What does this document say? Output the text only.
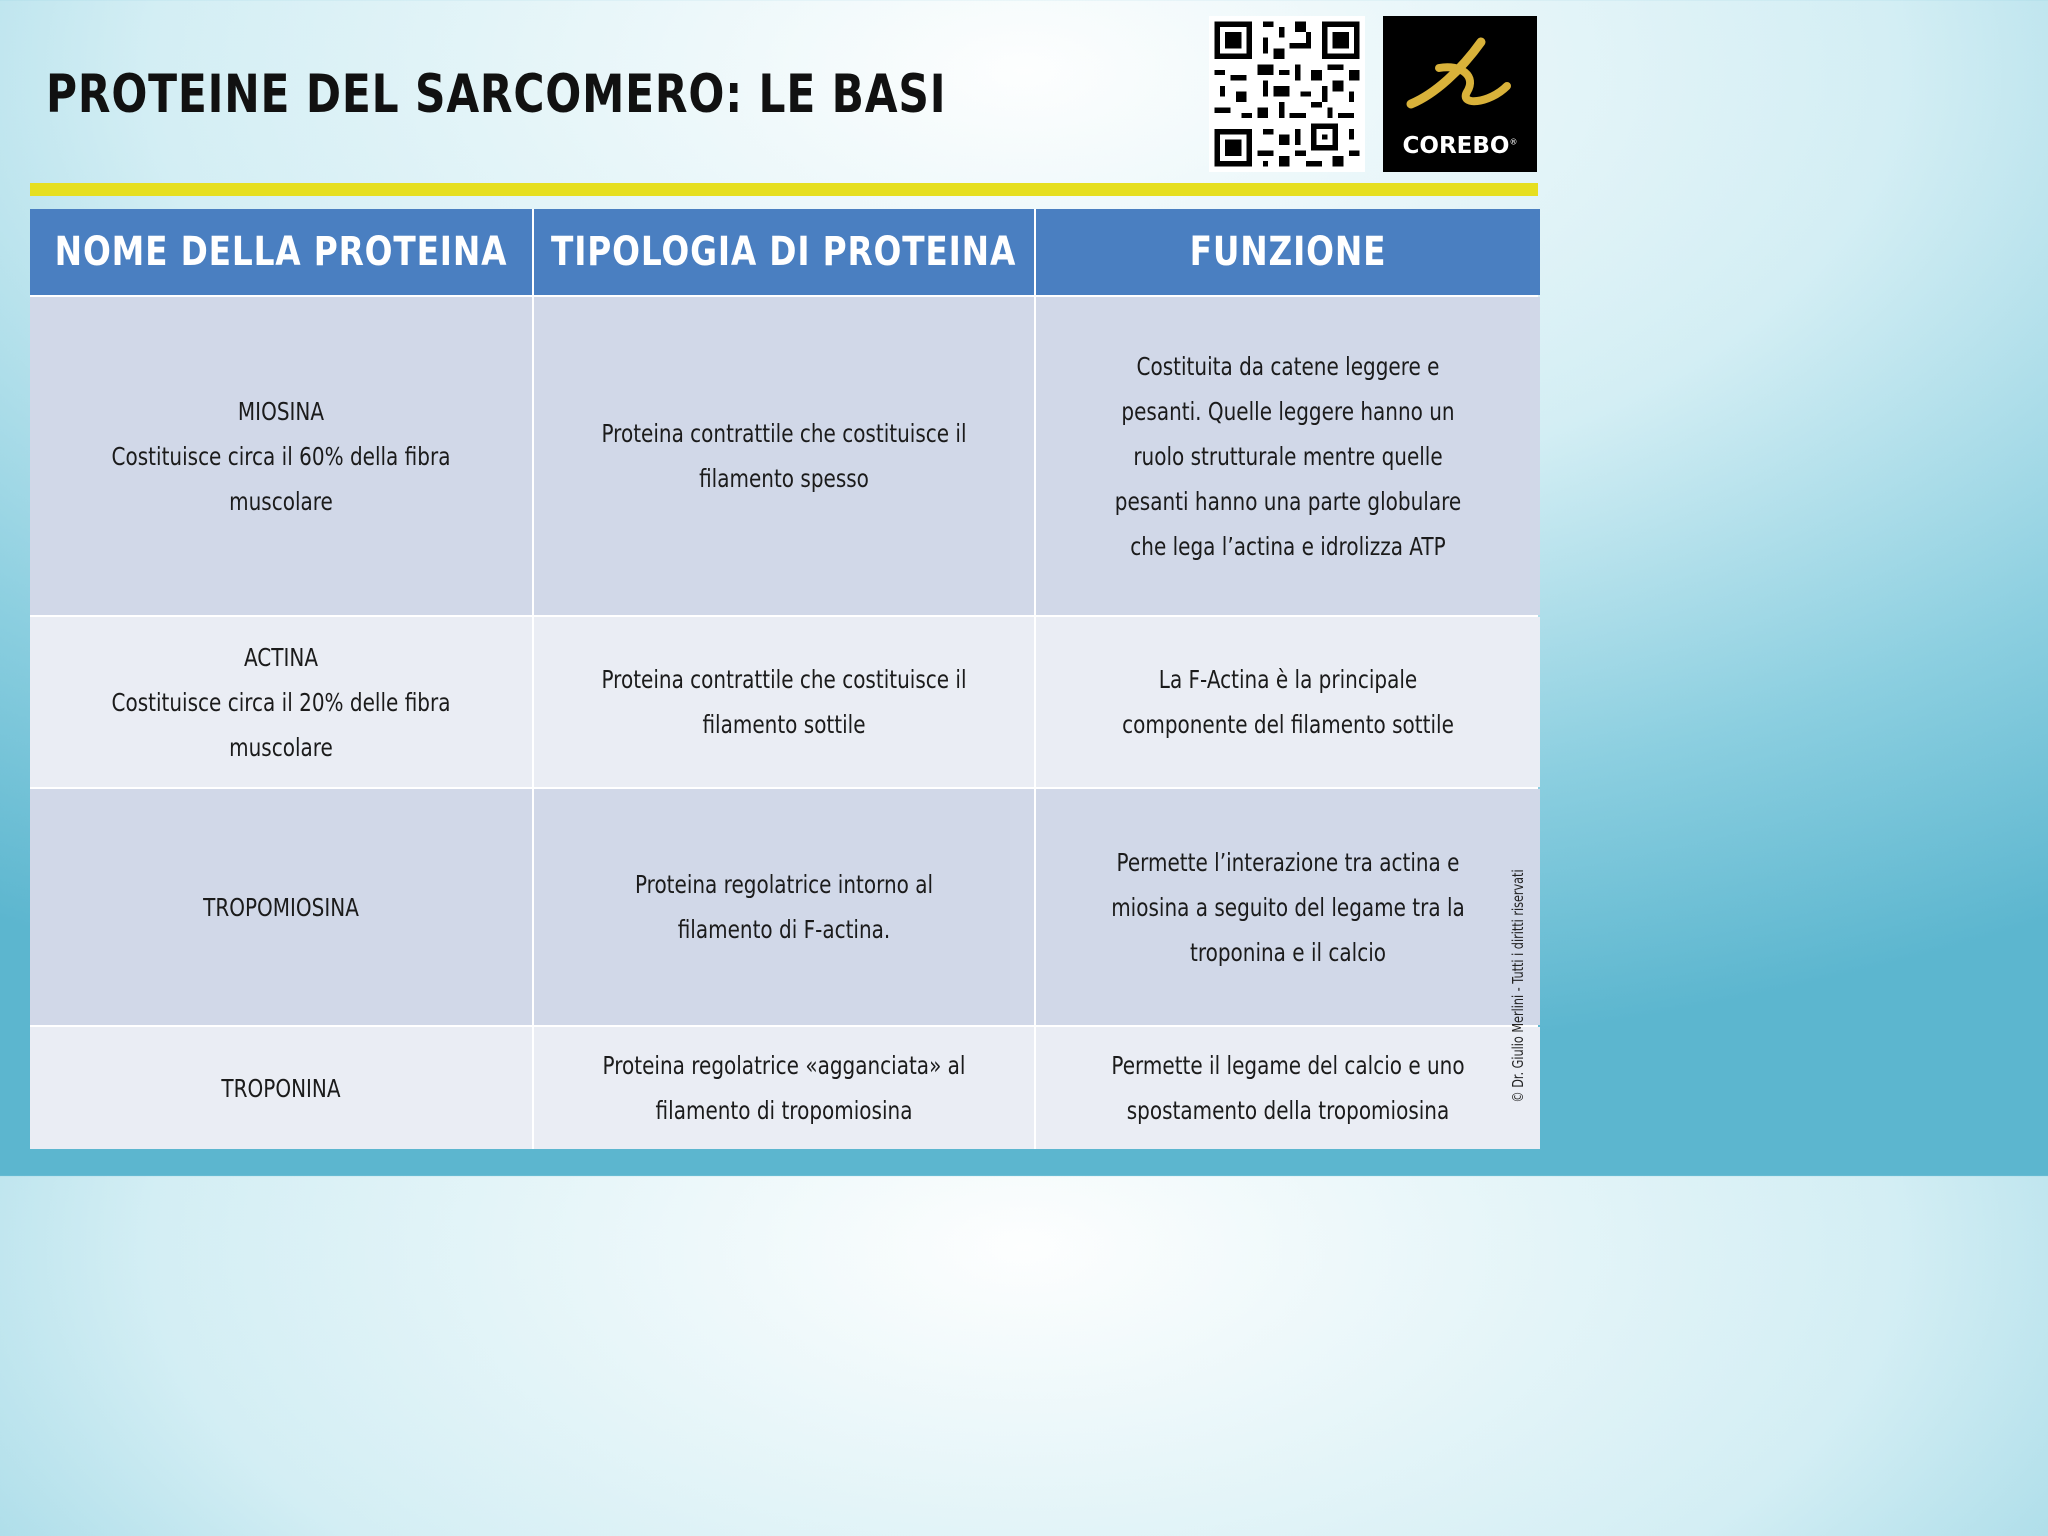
PROTEINE DEL SARCOMERO: LE BASI
COREBO®
NOME DELLA PROTEINA TIPOLOGIA DI PROTEINA	FUNZIONE
MIOSINA
Costituisce circa il 60% della fibra muscolare
Proteina contrattile che costituisce il filamento spesso
Costituita da catene leggere e pesanti. Quelle leggere hanno un ruolo strutturale mentre quelle pesanti hanno una parte globulare che lega l’actina e idrolizza ATP
ACTINA
Costituisce circa il 20% delle fibra muscolare
Proteina contrattile che costituisce il filamento sottile
La F-Actina è la principale componente del filamento sottile
TROPOMIOSINA
Proteina regolatrice intorno al filamento di F-actina.
Permette l’interazione tra actina e miosina a seguito del legame tra la troponina e il calcio
TROPONINA
Proteina regolatrice «agganciata» al filamento di tropomiosina
Permette il legame del calcio e uno spostamento della tropomiosina
© Dr. Giulio Merlini - Tutti i diritti riservati
